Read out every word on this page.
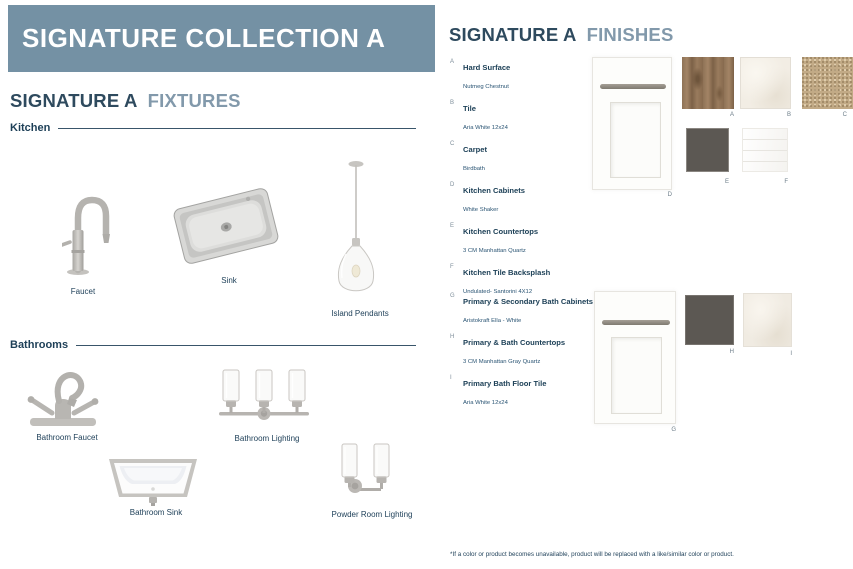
SIGNATURE COLLECTION A
SIGNATURE A FIXTURES
Kitchen
Faucet
Sink
Island Pendants
Bathrooms
Bathroom Faucet	Bathroom Lighting
Bathroom Sink	Powder Room Lighting
SIGNATURE A FINISHES
A
Hard Surface
Nutmeg Chestnut
B
Tile
Aria White 12x24
C
Carpet
Birdbath
D
Kitchen Cabinets
White Shaker
E
Kitchen Countertops
3 CM Manhattan Quartz
F
Kitchen Tile Backsplash
Undulated- Santorini 4X12
G
Primary & Secondary Bath Cabinets
Aristokraft Ella - White
H
Primary & Bath Countertops
3 CM Manhattan Gray Quartz
I
Primary Bath Floor Tile
Aria White 12x24
A	B	C
D
E	F
G
H	I
*If a color or product becomes unavailable, product will be replaced with a like/similar color or product.
